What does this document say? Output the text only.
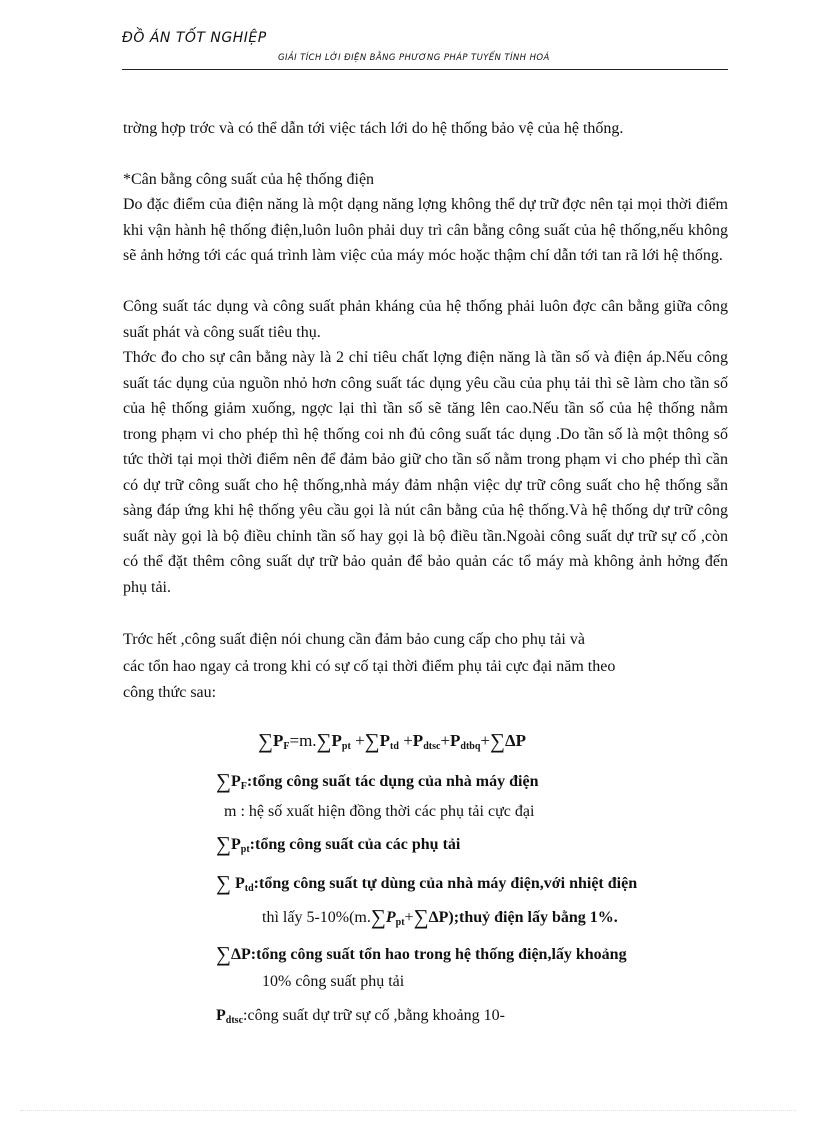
ĐỒ ÁN TỐT NGHIỆP
GIẢI TÍCH LỚI ĐIỆN BẰNG PHƯƠNG PHÁP TUYẾN TÍNH HOÁ
trờng hợp trớc và có thể dẫn tới việc tách lới do hệ thống bảo vệ của hệ thống.
*Cân bằng công suất của hệ thống điện
Do đặc điểm của điện năng là một dạng năng lợng không thể dự trữ đợc nên tại mọi thời điểm khi vận hành hệ thống điện,luôn luôn phải duy trì cân bằng công suất của hệ thống,nếu không sẽ ảnh hởng tới các quá trình làm việc của máy móc hoặc thậm chí dẫn tới tan rã lới hệ thống.
Công suất tác dụng và công suất phản kháng của hệ thống phải luôn đợc cân bằng giữa công suất phát và công suất tiêu thụ.
Thớc đo cho sự cân bằng này là 2 chỉ tiêu chất lợng điện năng là tần số và điện áp.Nếu công suất tác dụng của nguồn nhỏ hơn công suất tác dụng yêu cầu của phụ tải thì sẽ làm cho tần số của hệ thống giảm xuống, ngợc lại thì tần số sẽ tăng lên cao.Nếu tần số của hệ thống nằm trong phạm vi cho phép thì hệ thống coi nh đủ công suất tác dụng .Do tần số là một thông số tức thời tại mọi thời điểm nên để đảm bảo giữ cho tần số nằm trong phạm vi cho phép thì cần có dự trữ công suất cho hệ thống,nhà máy đảm nhận việc dự trữ công suất cho hệ thống sẵn sàng đáp ứng khi hệ thống yêu cầu gọi là nút cân bằng của hệ thống.Và hệ thống dự trữ công suất này gọi là bộ điều chỉnh tần số hay gọi là bộ điều tần.Ngoài công suất dự trữ sự cố ,còn có thể đặt thêm công suất dự trữ bảo quản để bảo quản các tổ máy mà không ảnh hởng đến phụ tải.
Trớc hết ,công suất điện nói chung cần đảm bảo cung cấp cho phụ tải và
các tổn hao ngay cả trong khi có sự cố tại thời điểm phụ tải cực đại năm theo
công thức sau:
$\sum P_F=m.\sum P_{pt} +\sum P_{td} +P_{dtsc}+P_{dtbq}+\sum\Delta P$
$\sum P_F:tổng$ công suất tác dụng của nhà máy điện
m : hệ số xuất hiện đồng thời các phụ tải cực đại
$\sum P_{pt}:tổng$ công suất của các phụ tải
∑ $P_{td}:tổng$ công suất tự dùng của nhà máy điện,với nhiệt điện
thì lấy $5-10\%(m.\sum P_{pt}+\sum\Delta P);thuỷ$ điện lấy bằng 1%.
∑ΔP:tổng công suất tổn hao trong hệ thống điện,lấy khoảng
10% công suất phụ tải
$P_{dtsc}:công$ suất dự trữ sự cố ,bằng khoảng 10-
